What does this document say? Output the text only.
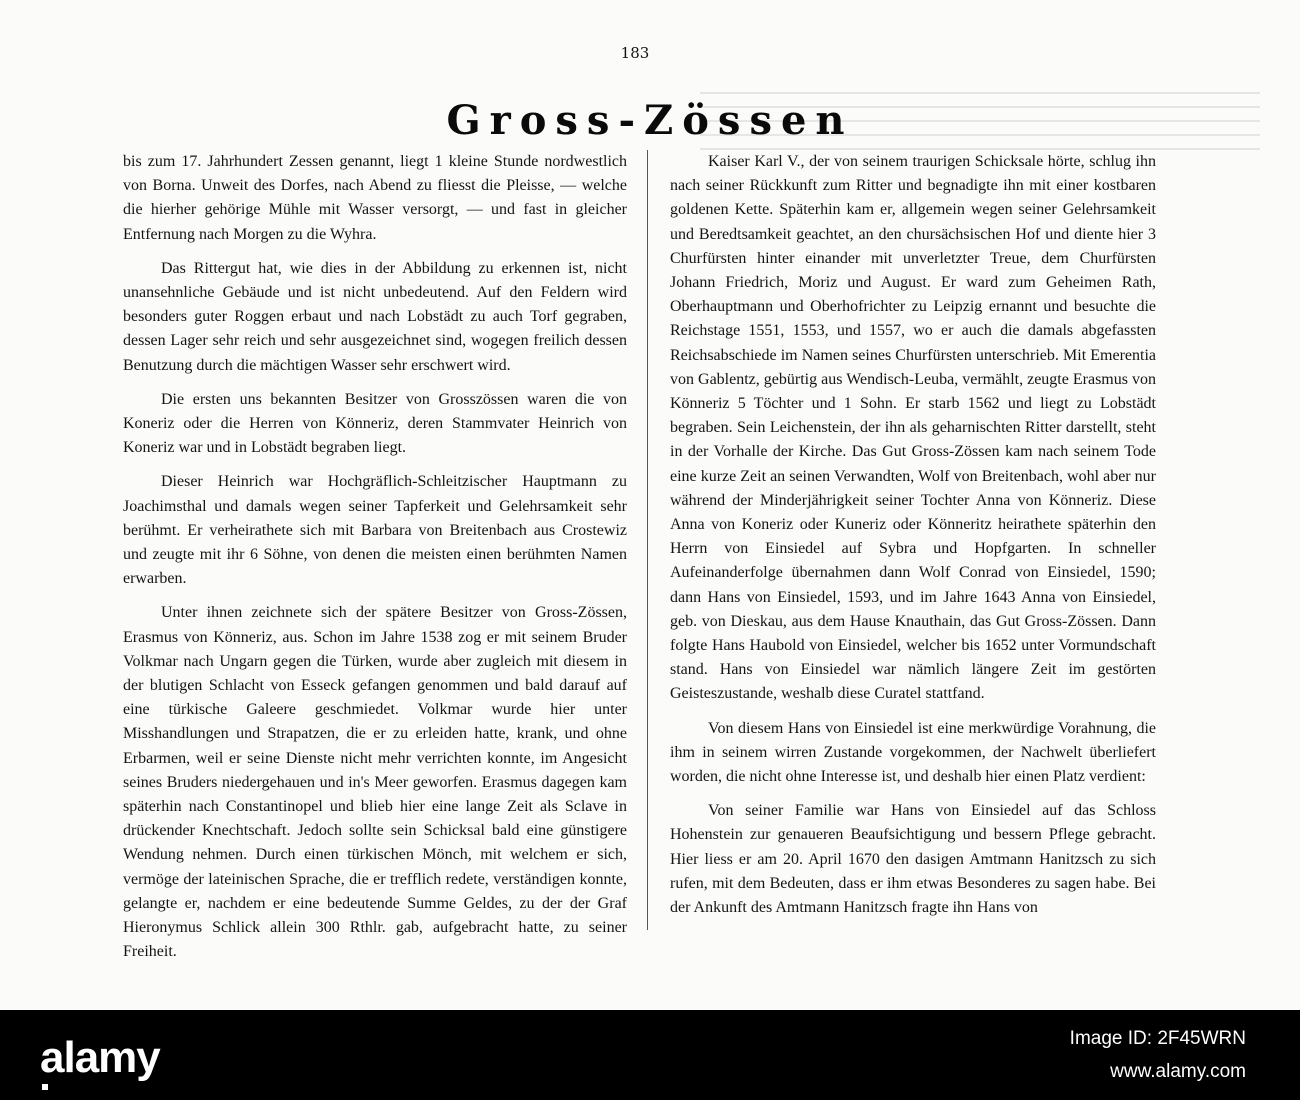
183
Gross-Zössen

bis zum 17. Jahrhundert Zessen genannt, liegt 1 kleine Stunde nordwestlich von Borna. Unweit des Dorfes, nach Abend zu fliesst die Pleisse, — welche die hierher gehörige Mühle mit Wasser versorgt, — und fast in gleicher Entfernung nach Morgen zu die Wyhra.

Das Rittergut hat, wie dies in der Abbildung zu erkennen ist, nicht unansehnliche Gebäude und ist nicht unbedeutend. Auf den Feldern wird besonders guter Roggen erbaut und nach Lobstädt zu auch Torf gegraben, dessen Lager sehr reich und sehr ausgezeichnet sind, wogegen freilich dessen Benutzung durch die mächtigen Wasser sehr erschwert wird.

Die ersten uns bekannten Besitzer von Grosszössen waren die von Koneriz oder die Herren von Könneriz, deren Stammvater Heinrich von Koneriz war und in Lobstädt begraben liegt.

Dieser Heinrich war Hochgräflich-Schleitzischer Hauptmann zu Joachimsthal und damals wegen seiner Tapferkeit und Gelehrsamkeit sehr berühmt. Er verheirathete sich mit Barbara von Breitenbach aus Crostewiz und zeugte mit ihr 6 Söhne, von denen die meisten einen berühmten Namen erwarben.

Unter ihnen zeichnete sich der spätere Besitzer von Gross-Zössen, Erasmus von Könneriz, aus. Schon im Jahre 1538 zog er mit seinem Bruder Volkmar nach Ungarn gegen die Türken, wurde aber zugleich mit diesem in der blutigen Schlacht von Esseck gefangen genommen und bald darauf auf eine türkische Galeere geschmiedet. Volkmar wurde hier unter Misshandlungen und Strapatzen, die er zu erleiden hatte, krank, und ohne Erbarmen, weil er seine Dienste nicht mehr verrichten konnte, im Angesicht seines Bruders niedergehauen und in's Meer geworfen. Erasmus dagegen kam späterhin nach Constantinopel und blieb hier eine lange Zeit als Sclave in drückender Knechtschaft. Jedoch sollte sein Schicksal bald eine günstigere Wendung nehmen. Durch einen türkischen Mönch, mit welchem er sich, vermöge der lateinischen Sprache, die er trefflich redete, verständigen konnte, gelangte er, nachdem er eine bedeutende Summe Geldes, zu der der Graf Hieronymus Schlick allein 300 Rthlr. gab, aufgebracht hatte, zu seiner Freiheit.

Kaiser Karl V., der von seinem traurigen Schicksale hörte, schlug ihn nach seiner Rückkunft zum Ritter und begnadigte ihn mit einer kostbaren goldenen Kette. Späterhin kam er, allgemein wegen seiner Gelehrsamkeit und Beredtsamkeit geachtet, an den chursächsischen Hof und diente hier 3 Churfürsten hinter einander mit unverletzter Treue, dem Churfürsten Johann Friedrich, Moriz und August. Er ward zum Geheimen Rath, Oberhauptmann und Oberhofrichter zu Leipzig ernannt und besuchte die Reichstage 1551, 1553, und 1557, wo er auch die damals abgefassten Reichsabschiede im Namen seines Churfürsten unterschrieb. Mit Emerentia von Gablentz, gebürtig aus Wendisch-Leuba, vermählt, zeugte Erasmus von Könneriz 5 Töchter und 1 Sohn. Er starb 1562 und liegt zu Lobstädt begraben. Sein Leichenstein, der ihn als geharnischten Ritter darstellt, steht in der Vorhalle der Kirche. Das Gut Gross-Zössen kam nach seinem Tode eine kurze Zeit an seinen Verwandten, Wolf von Breitenbach, wohl aber nur während der Minderjährigkeit seiner Tochter Anna von Könneriz. Diese Anna von Koneriz oder Kuneriz oder Könneritz heirathete späterhin den Herrn von Einsiedel auf Sybra und Hopfgarten. In schneller Aufeinanderfolge übernahmen dann Wolf Conrad von Einsiedel, 1590; dann Hans von Einsiedel, 1593, und im Jahre 1643 Anna von Einsiedel, geb. von Dieskau, aus dem Hause Knauthain, das Gut Gross-Zössen. Dann folgte Hans Haubold von Einsiedel, welcher bis 1652 unter Vormundschaft stand. Hans von Einsiedel war nämlich längere Zeit im gestörten Geisteszustande, weshalb diese Curatel stattfand.

Von diesem Hans von Einsiedel ist eine merkwürdige Vorahnung, die ihm in seinem wirren Zustande vorgekommen, der Nachwelt überliefert worden, die nicht ohne Interesse ist, und deshalb hier einen Platz verdient:

Von seiner Familie war Hans von Einsiedel auf das Schloss Hohenstein zur genaueren Beaufsichtigung und bessern Pflege gebracht. Hier liess er am 20. April 1670 den dasigen Amtmann Hanitzsch zu sich rufen, mit dem Bedeuten, dass er ihm etwas Besonderes zu sagen habe. Bei der Ankunft des Amtmann Hanitzsch fragte ihn Hans von

alamy	Image ID: 2F45WRN
www.alamy.com
